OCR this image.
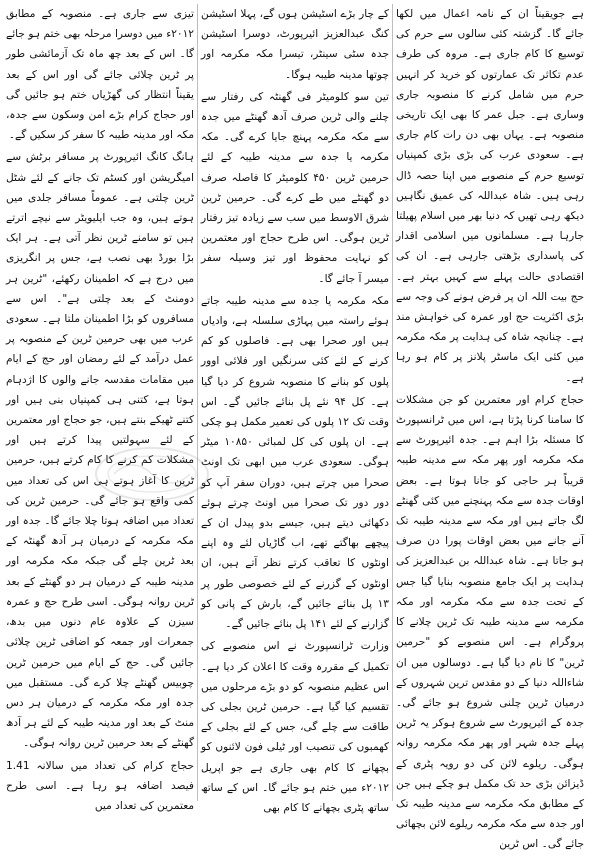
ہے جویقیناً ان کے نامہ اعمال میں لکھا جائے گا۔ گزشتہ کئی سالوں سے حرم کی توسیع کا کام جاری ہے۔ مروہ کی طرف عدم تکاثر تک عمارتوں کو خرید کر انہیں حرم میں شامل کرنے کا منصوبہ جاری وساری ہے۔ جبل عمر کا بھی ایک تاریخی منصوبہ ہے۔ یہاں بھی دن رات کام جاری ہے۔ سعودی عرب کی بڑی بڑی کمپنیاں توسیع حرم کے منصوبے میں اپنا حصہ ڈال رہی ہیں۔ شاہ عبداللہ کی عمیق نگاہیں دیکھ رہی تھیں کہ دنیا بھر میں اسلام پھیلتا جارہا ہے۔ مسلمانوں میں اسلامی اقدار کی پاسداری بڑھتی جارہی ہے۔ ان کی اقتصادی حالت پہلے سے کہیں بہتر ہے۔ حج بیت اللہ ان پر فرض ہونے کی وجہ سے بڑی اکثریت حج اور عمرہ کی خواہش مند ہے۔ چنانچہ شاہ کی ہدایت پر مکہ مکرمہ میں کئی ایک ماسٹر پلانز پر کام ہو رہا ہے۔

حجاج کرام اور معتمرین کو جن مشکلات کا سامنا کرنا پڑتا ہے، اس میں ٹرانسپورٹ کا مسئلہ بڑا اہم ہے۔ جدہ ائیرپورٹ سے مکہ مکرمہ اور پھر مکہ سے مدینہ طیبہ قریباً ہر حاجی کو جانا ہوتا ہے۔ بعض اوقات جدہ سے مکہ پہنچنے میں کئی گھنٹے لگ جاتے ہیں اور مکہ سے مدینہ طیبہ تک آنے جانے میں بعض اوقات پورا دن صرف ہو جاتا ہے۔ شاہ عبداللہ بن عبدالعزیز کی ہدایت پر ایک جامع منصوبہ بنایا گیا جس کے تحت جدہ سے مکہ مکرمہ اور مکہ مکرمہ سے مدینہ طیبہ تک ٹرین چلانے کا پروگرام ہے۔ اس منصوبے کو "حرمین ٹرین" کا نام دیا گیا ہے۔ دوسالوں میں ان شاءاللہ دنیا کے دو مقدس ترین شہروں کے درمیان ٹرین چلنی شروع ہو جائے گی۔ جدہ کے ائیرپورٹ سے شروع ہوکر یہ ٹرین پہلے جدہ شہر اور پھر مکہ مکرمہ روانہ ہوگی۔ ریلوے لائن کی دو رویہ پٹری کے ڈیزائن بڑی حد تک مکمل ہو چکے ہیں جن کے مطابق مکہ مکرمہ سے مدینہ طیبہ تک اور جدہ سے مکہ مکرمہ ریلوے لائن بچھائی جائے گی۔ اس ٹرین

کے چار بڑے اسٹیشن ہوں گے، پہلا اسٹیشن کنگ عبدالعزیز ائیرپورٹ، دوسرا اسٹیشن جدہ سٹی سینٹر، تیسرا مکہ مکرمہ اور چوتھا مدینہ طیبہ ہوگا۔

تین سو کلومیٹر فی گھنٹہ کی رفتار سے چلنے والی ٹرین صرف آدھ گھنٹے میں جدہ سے مکہ مکرمہ پہنچ جایا کرے گی۔ مکہ مکرمہ یا جدہ سے مدینہ طیبہ کے لئے حرمین ٹرین ۴۵۰ کلومیٹر کا فاصلہ صرف دو گھنٹے میں طے کرے گی۔ حرمین ٹرین شرق الاوسط میں سب سے زیادہ تیز رفتار ٹرین ہوگی۔ اس طرح حجاج اور معتمرین کو نہایت محفوظ اور تیز وسیلہ سفر میسر آ جائے گا۔

مکہ مکرمہ یا جدہ سے مدینہ طیبہ جاتے ہوئے راستہ میں پہاڑی سلسلہ ہے، وادیاں ہیں اور صحرا بھی ہے۔ فاصلوں کو کم کرنے کے لئے کئی سرنگیں اور فلائی اوور پلوں کو بنانے کا منصوبہ شروع کر دیا گیا ہے۔ کل ۹۴ نئے پل بنائے جائیں گے۔ اس وقت تک ۱۲ پلوں کی تعمیر مکمل ہو چکی ہے۔ ان پلوں کی کل لمبائی ۱۰۸۵۰ میٹر ہوگی۔ سعودی عرب میں ابھی تک اونٹ صحرا میں چرتے ہیں، دوران سفر آپ کو دور دور تک صحرا میں اونٹ چرتے ہوئے دکھائی دیتے ہیں، جیسے بدو پیدل ان کے پیچھے بھاگتے تھے، اب گاڑیاں لئے وہ اپنے اونٹوں کا تعاقب کرتے نظر آتے ہیں، ان اونٹوں کے گزرنے کے لئے خصوصی طور پر ۱۳ پل بنائے جائیں گے، بارش کے پانی کو گزارنے کے لئے ۱۴۱ پل بنائے جائیں گے۔

وزارت ٹرانسپورٹ نے اس منصوبے کی تکمیل کے مقررہ وقت کا اعلان کر دیا ہے۔ اس عظیم منصوبہ کو دو بڑے مرحلوں میں تقسیم کیا گیا ہے۔ حرمین ٹرین بجلی کی طاقت سے چلے گی، جس کے لئے بجلی کے کھمبوں کی تنصیب اور ٹیلی فون لائنوں کو بچھانے کا کام بھی جاری ہے جو اپریل ۲۰۱۲ء میں ختم ہو جائے گا۔ اس کے ساتھ ساتھ پٹری بچھانے کا کام بھی

تیزی سے جاری ہے۔ منصوبہ کے مطابق ۲۰۱۲ء میں دوسرا مرحلہ بھی ختم ہو جائے گا۔ اس کے بعد چھ ماہ تک آزمائشی طور پر ٹرین چلائی جائے گی اور اس کے بعد یقیناً انتظار کی گھڑیاں ختم ہو جائیں گی اور حجاج کرام بڑے امن وسکون سے جدہ، مکہ اور مدینہ طیبہ کا سفر کر سکیں گے۔

ہانگ کانگ ائیرپورٹ پر مسافر برٹش سے امیگریشن اور کسٹم تک جانے کے لئے شٹل ٹرین چلتی ہے۔ عموماً مسافر جلدی میں ہوتے ہیں، وہ جب ایلیویٹر سے نیچے اترتے ہیں تو سامنے ٹرین نظر آتی ہے۔ ہر ایک بڑا بورڈ بھی نصب ہے، جس پر انگریزی میں درج ہے کہ اطمینان رکھئے، "ٹرین ہر دومنٹ کے بعد چلتی ہے"۔ اس سے مسافروں کو بڑا اطمینان ملتا ہے۔ سعودی عرب میں بھی حرمین ٹرین کے منصوبہ پر عمل درآمد کے لئے رمضان اور حج کے ایام میں مقامات مقدسہ جانے والوں کا اژدہام ہوتا ہے، کتنی ہی کمپنیاں بنی ہیں اور کتنے ٹھیکے بنتے ہیں، جو حجاج اور معتمرین کے لئے سہولتیں پیدا کرتے ہیں اور مشکلات کم کرنے کا کام کرتے ہیں، حرمین ٹرین کا آغاز ہوتے ہی اس کی تعداد میں کمی واقع ہو جائے گی۔ حرمین ٹرین کی تعداد میں اضافہ ہوتا چلا جائے گا۔ جدہ اور مکہ مکرمہ کے درمیان ہر آدھ گھنٹہ کے بعد ٹرین چلے گی جبکہ مکہ مکرمہ اور مدینہ طیبہ کے درمیان ہر دو گھنٹے کے بعد ٹرین روانہ ہوگی۔ اسی طرح حج و عمرہ سیزن کے علاوہ عام دنوں میں بدھ، جمعرات اور جمعہ کو اضافی ٹرین چلائی جائیں گی۔ حج کے ایام میں حرمین ٹرین چوبیس گھنٹے چلا کرے گی۔ مستقبل میں جدہ اور مکہ مکرمہ کے درمیان ہر دس منٹ کے بعد اور مدینہ طیبہ کے لئے ہر آدھ گھنٹے کے بعد حرمین ٹرین روانہ ہوگی۔

حجاج کرام کی تعداد میں سالانہ 1.41 فیصد اضافہ ہو رہا ہے۔ اسی طرح معتمرین کی تعداد میں
